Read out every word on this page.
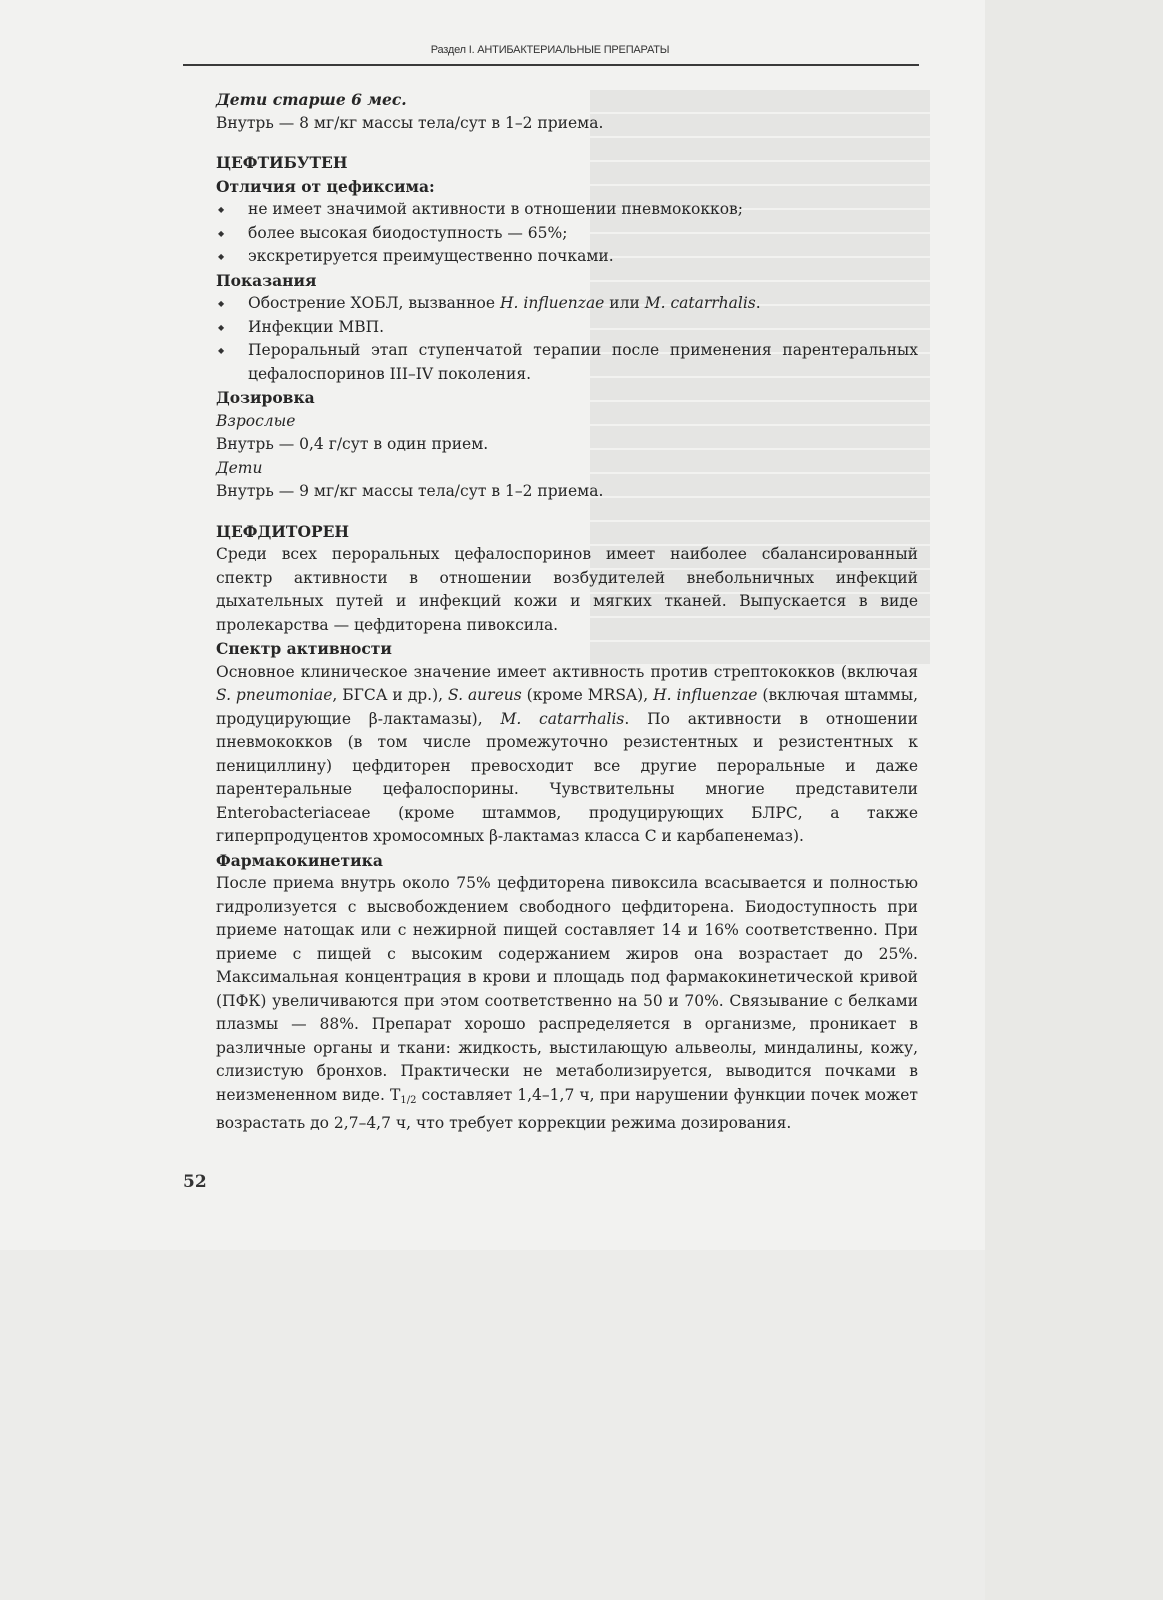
Раздел I. АНТИБАКТЕРИАЛЬНЫЕ ПРЕПАРАТЫ

Дети старше 6 мес.

Внутрь — 8 мг/кг массы тела/сут в 1–2 приема.

ЦЕФТИБУТЕН

Отличия от цефиксима:

◆ не имеет значимой активности в отношении пневмококков;
◆ более высокая биодоступность — 65%;
◆ экскретируется преимущественно почками.

Показания

◆ Обострение ХОБЛ, вызванное H. influenzae или M. catarrhalis.
◆ Инфекции МВП.
◆ Пероральный этап ступенчатой терапии после применения парентеральных цефалоспоринов III–IV поколения.

Дозировка

Взрослые

Внутрь — 0,4 г/сут в один прием.

Дети

Внутрь — 9 мг/кг массы тела/сут в 1–2 приема.

ЦЕФДИТОРЕН

Среди всех пероральных цефалоспоринов имеет наиболее сбалансированный спектр активности в отношении возбудителей внебольничных инфекций дыхательных путей и инфекций кожи и мягких тканей. Выпускается в виде пролекарства — цефдиторена пивоксила.

Спектр активности

Основное клиническое значение имеет активность против стрептококков (включая S. pneumoniae, БГСА и др.), S. aureus (кроме MRSA), H. influenzae (включая штаммы, продуцирующие β-лактамазы), M. catarrhalis. По активности в отношении пневмококков (в том числе промежуточно резистентных и резистентных к пенициллину) цефдиторен превосходит все другие пероральные и даже парентеральные цефалоспорины. Чувствительны многие представители Enterobacteriaceae (кроме штаммов, продуцирующих БЛРС, а также гиперпродуцентов хромосомных β-лактамаз класса С и карбапенемаз).

Фармакокинетика

После приема внутрь около 75% цефдиторена пивоксила всасывается и полностью гидролизуется с высвобождением свободного цефдиторена. Биодоступность при приеме натощак или с нежирной пищей составляет 14 и 16% соответственно. При приеме с пищей с высоким содержанием жиров она возрастает до 25%. Максимальная концентрация в крови и площадь под фармакокинетической кривой (ПФК) увеличиваются при этом соответственно на 50 и 70%. Связывание с белками плазмы — 88%. Препарат хорошо распределяется в организме, проникает в различные органы и ткани: жидкость, выстилающую альвеолы, миндалины, кожу, слизистую бронхов. Практически не метаболизируется, выводится почками в неизмененном виде. T1/2 составляет 1,4–1,7 ч, при нарушении функции почек может возрастать до 2,7–4,7 ч, что требует коррекции режима дозирования.

52
